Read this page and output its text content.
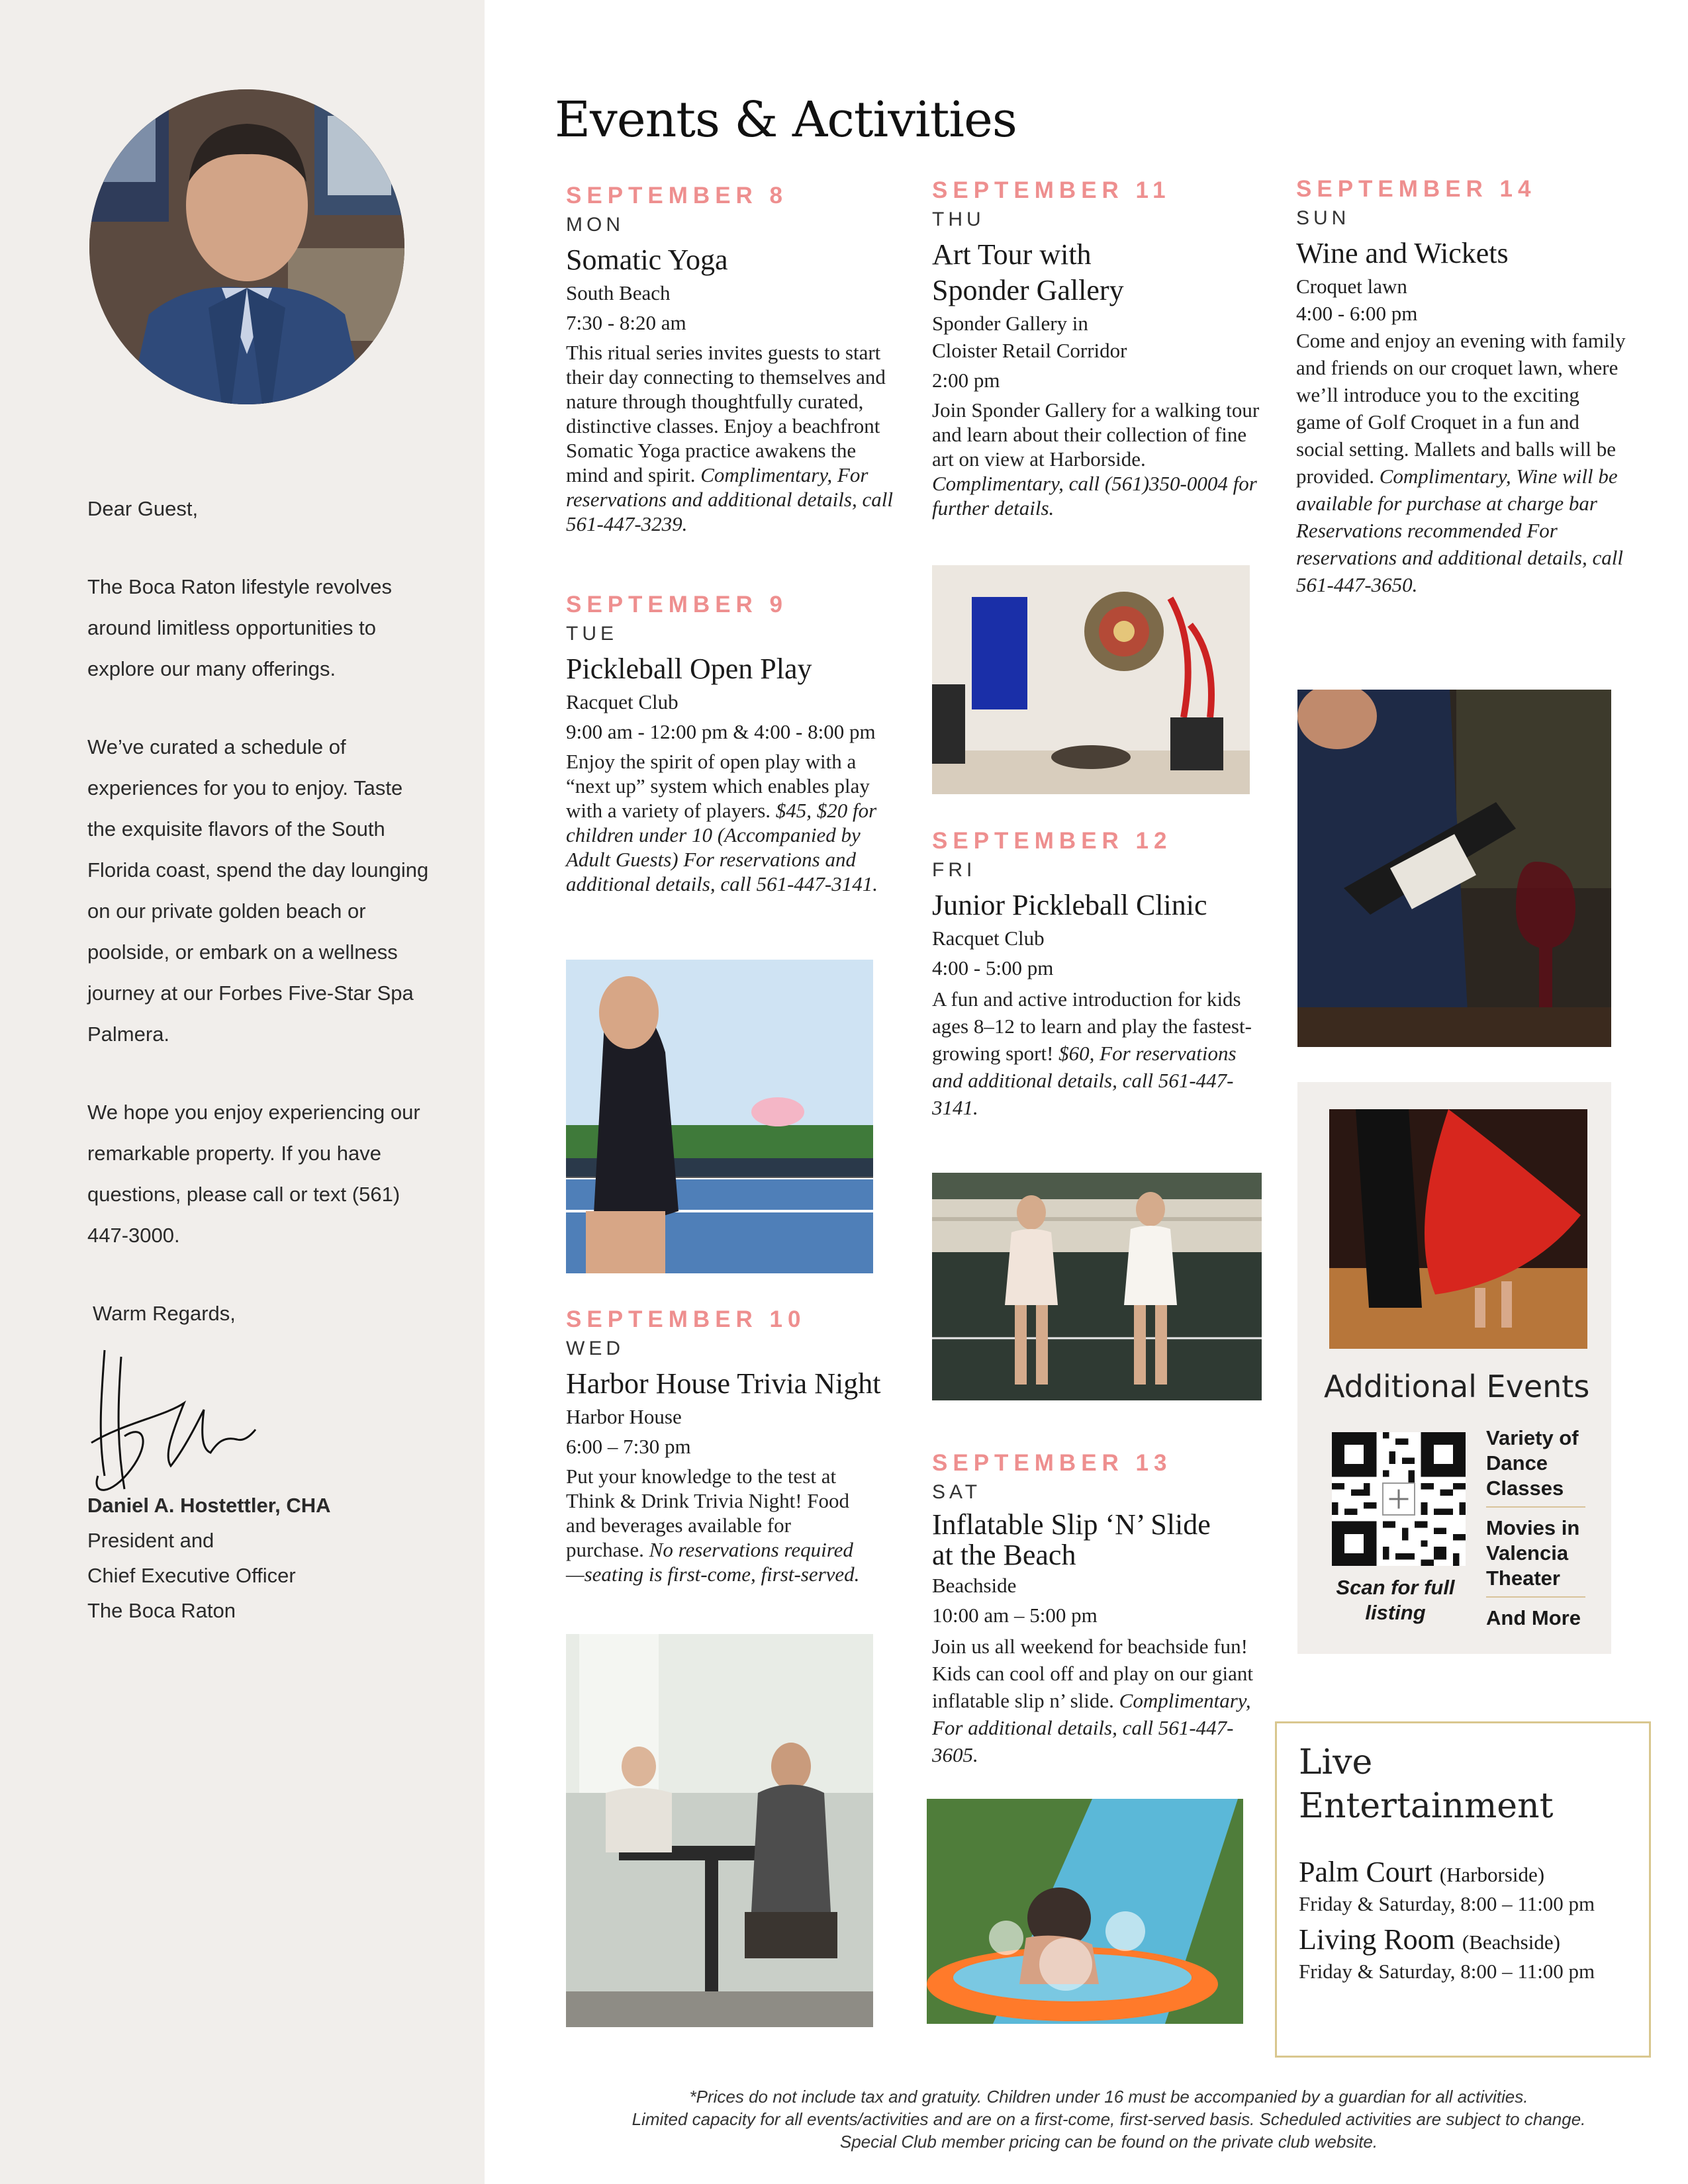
Dear Guest,

The Boca Raton lifestyle revolves around limitless opportunities to explore our many offerings.

We’ve curated a schedule of experiences for you to enjoy. Taste the exquisite flavors of the South Florida coast, spend the day lounging on our private golden beach or poolside, or embark on a wellness journey at our Forbes Five-Star Spa Palmera.

We hope you enjoy experiencing our remarkable property. If you have questions, please call or text (561) 447-3000.

Warm Regards,

Daniel A. Hostettler, CHA
President and
Chief Executive Officer
The Boca Raton
Events & Activities
SEPTEMBER 8
MON
Somatic Yoga
South Beach
7:30 - 8:20 am
This ritual series invites guests to start their day connecting to themselves and nature through thoughtfully curated, distinctive classes. Enjoy a beachfront Somatic Yoga practice awakens the mind and spirit. Complimentary, For reservations and additional details, call 561-447-3239.
SEPTEMBER 9
TUE
Pickleball Open Play
Racquet Club
9:00 am - 12:00 pm & 4:00 - 8:00 pm
Enjoy the spirit of open play with a “next up” system which enables play with a variety of players. $45, $20 for children under 10 (Accompanied by Adult Guests) For reservations and additional details, call 561-447-3141.
SEPTEMBER 10
WED
Harbor House Trivia Night
Harbor House
6:00 – 7:30 pm
Put your knowledge to the test at Think & Drink Trivia Night! Food and beverages available for purchase. No reservations required—seating is first-come, first-served.
SEPTEMBER 11
THU
Art Tour with Sponder Gallery
Sponder Gallery in Cloister Retail Corridor
2:00 pm
Join Sponder Gallery for a walking tour and learn about their collection of fine art on view at Harborside. Complimentary, call (561)350-0004 for further details.
SEPTEMBER 12
FRI
Junior Pickleball Clinic
Racquet Club
4:00 - 5:00 pm
A fun and active introduction for kids ages 8–12 to learn and play the fastest-growing sport! $60, For reservations and additional details, call 561-447-3141.
SEPTEMBER 13
SAT
Inflatable Slip ‘N’ Slide at the Beach
Beachside
10:00 am – 5:00 pm
Join us all weekend for beachside fun! Kids can cool off and play on our giant inflatable slip n’ slide. Complimentary, For additional details, call 561-447-3605.
SEPTEMBER 14
SUN
Wine and Wickets
Croquet lawn
4:00 - 6:00 pm
Come and enjoy an evening with family and friends on our croquet lawn, where we’ll introduce you to the exciting game of Golf Croquet in a fun and social setting. Mallets and balls will be provided. Complimentary, Wine will be available for purchase at charge bar Reservations recommended For reservations and additional details, call 561-447-3650.
Additional Events
Scan for full listing
Variety of Dance Classes
Movies in Valencia Theater
And More
Live Entertainment
Palm Court (Harborside)
Friday & Saturday, 8:00 – 11:00 pm
Living Room (Beachside)
Friday & Saturday, 8:00 – 11:00 pm
*Prices do not include tax and gratuity. Children under 16 must be accompanied by a guardian for all activities.
Limited capacity for all events/activities and are on a first-come, first-served basis. Scheduled activities are subject to change.
Special Club member pricing can be found on the private club website.
